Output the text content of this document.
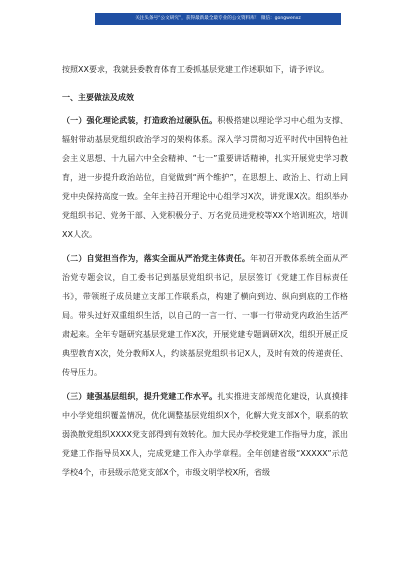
关注头条号“公文研究”，获得最新最全最专业的公文资料库！ 微信：gongwenxz

按照XX要求，我就县委教育体育工委抓基层党建工作述职如下，请予评议。

一、主要做法及成效

（一）强化理论武装，打造政治过硬队伍。积极搭建以理论学习中心组为支撑、辐射带动基层党组织政治学习的架构体系。深入学习贯彻习近平时代中国特色社会主义思想、十九届六中全会精神、“七一”重要讲话精神，扎实开展党史学习教育，进一步提升政治站位，自觉做到“两个维护”，在思想上、政治上、行动上同党中央保持高度一致。全年主持召开理论中心组学习X次，讲党课X次。组织举办党组织书记、党务干部、入党积极分子、万名党员进党校等XX个培训班次，培训XX人次。

（二）自觉担当作为，落实全面从严治党主体责任。年初召开教体系统全面从严治党专题会议，自工委书记到基层党组织书记，层层签订《党建工作目标责任书》，带领班子成员建立支部工作联系点，构建了横向到边、纵向到底的工作格局。带头过好双重组织生活，以自己的一言一行、一事一行带动党内政治生活严肃起来。全年专题研究基层党建工作X次，开展党建专题调研X次，组织开展正反典型教育X次，处分教师X人，约谈基层党组织书记X人，及时有效的传递责任、传导压力。

（三）建强基层组织，提升党建工作水平。扎实推进支部规范化建设，认真摸排中小学党组织覆盖情况，优化调整基层党组织X个，化解大党支部X个，联系的软弱涣散党组织XXXX党支部得到有效转化。加大民办学校党建工作指导力度，派出党建工作指导员XX人，完成党建工作入办学章程。全年创建省级“XXXXX”示范学校4个，市县级示范党支部X个，市级文明学校X所，省级
